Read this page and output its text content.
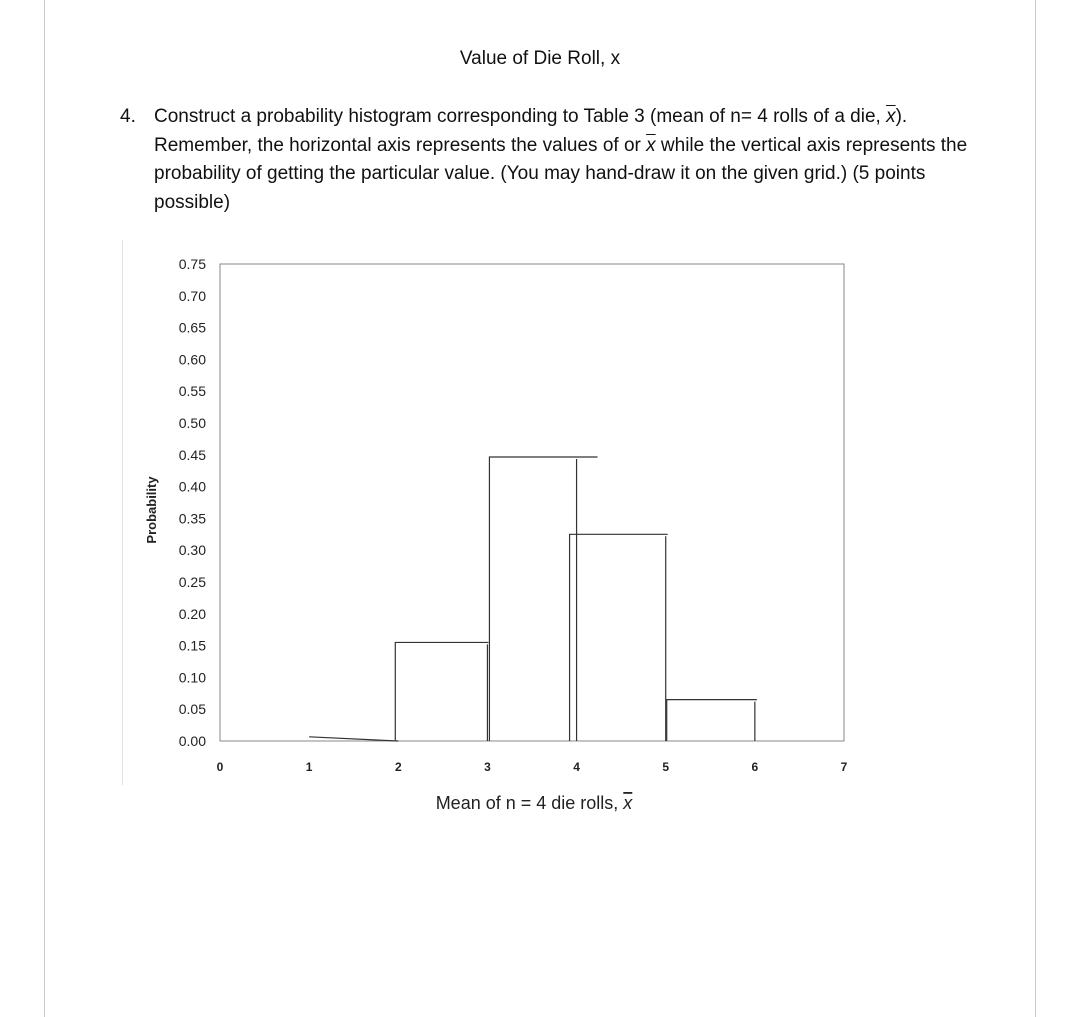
Value of Die Roll, x
4. Construct a probability histogram corresponding to Table 3 (mean of n= 4 rolls of a die, $\overline{x}$). Remember, the horizontal axis represents the values of or $\overline{x}$ while the vertical axis represents the probability of getting the particular value. (You may hand-draw it on the given grid.) (5 points possible)
0.00
0.05
0.10
0.15
0.20
0.25
0.30
0.35
0.40
0.45
0.50
0.55
0.60
0.65
0.70
0.75
0	1	2	3	4	5	6	7
Probability
Mean of n = 4 die rolls, x
